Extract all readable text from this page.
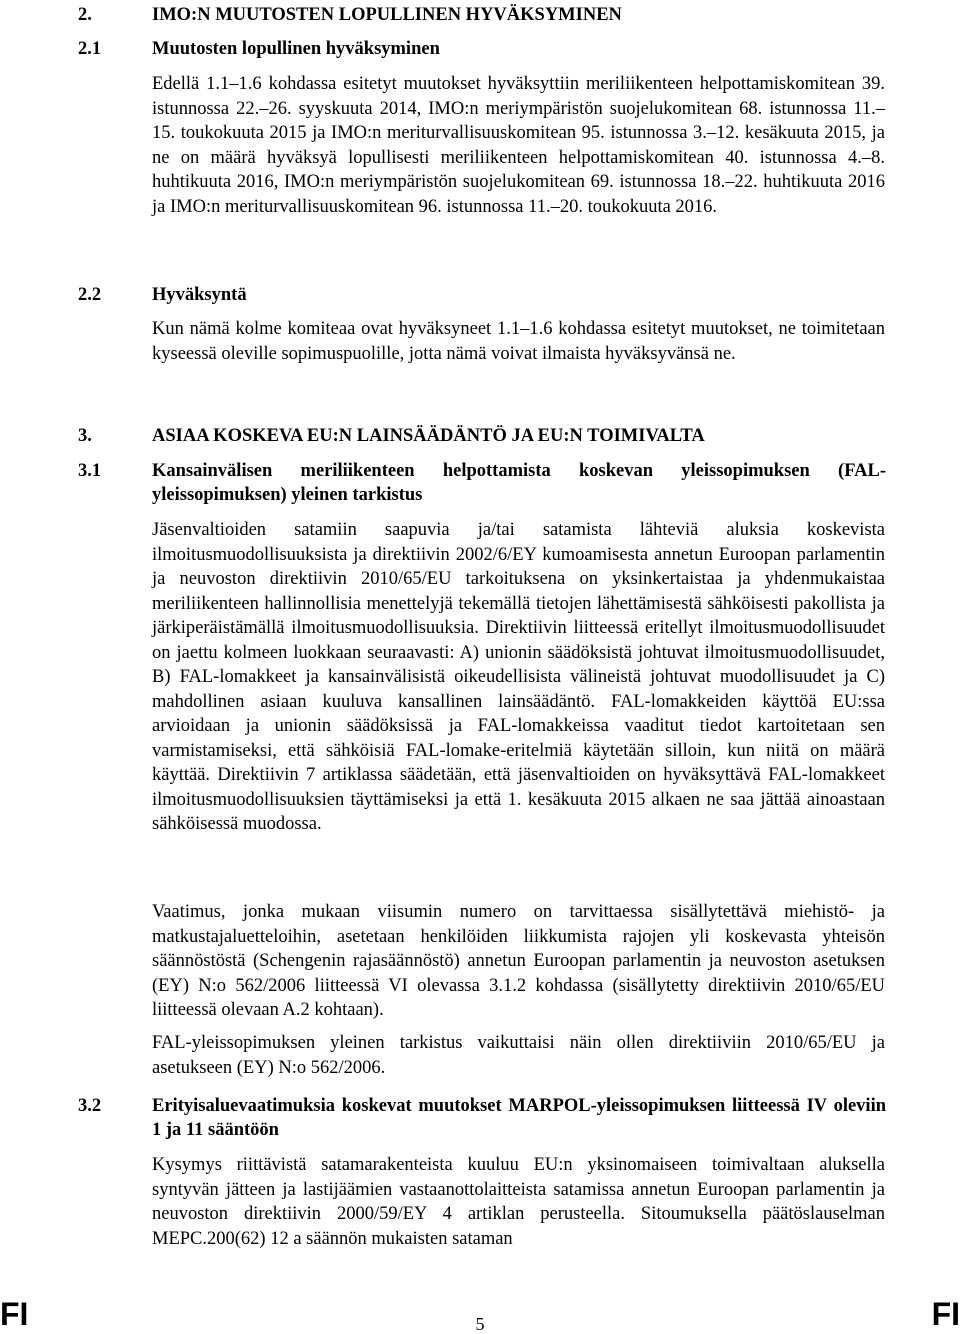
2.	IMO:N MUUTOSTEN LOPULLINEN HYVÄKSYMINEN
2.1	Muutosten lopullinen hyväksyminen
Edellä 1.1–1.6 kohdassa esitetyt muutokset hyväksyttiin meriliikenteen helpottamiskomitean 39. istunnossa 22.–26. syyskuuta 2014, IMO:n meriympäristön suojelukomitean 68. istunnossa 11.–15. toukokuuta 2015 ja IMO:n meriturvallisuuskomitean 95. istunnossa 3.–12. kesäkuuta 2015, ja ne on määrä hyväksyä lopullisesti meriliikenteen helpottamiskomitean 40. istunnossa 4.–8. huhtikuuta 2016, IMO:n meriympäristön suojelukomitean 69. istunnossa 18.–22. huhtikuuta 2016 ja IMO:n meriturvallisuuskomitean 96. istunnossa 11.–20. toukokuuta 2016.
2.2	Hyväksyntä
Kun nämä kolme komiteaa ovat hyväksyneet 1.1–1.6 kohdassa esitetyt muutokset, ne toimitetaan kyseessä oleville sopimuspuolille, jotta nämä voivat ilmaista hyväksyvänsä ne.
3.	ASIAA KOSKEVA EU:N LAINSÄÄDÄNTÖ JA EU:N TOIMIVALTA
3.1	Kansainvälisen meriliikenteen helpottamista koskevan yleissopimuksen (FAL-yleissopimuksen) yleinen tarkistus
Jäsenvaltioiden satamiin saapuvia ja/tai satamista lähteviä aluksia koskevista ilmoitusmuodollisuuksista ja direktiivin 2002/6/EY kumoamisesta annetun Euroopan parlamentin ja neuvoston direktiivin 2010/65/EU tarkoituksena on yksinkertaistaa ja yhdenmukaistaa meriliikenteen hallinnollisia menettelyjä tekemällä tietojen lähettämisestä sähköisesti pakollista ja järkiperäistämällä ilmoitusmuodollisuuksia. Direktiivin liitteessä eritellyt ilmoitusmuodollisuudet on jaettu kolmeen luokkaan seuraavasti: A) unionin säädöksistä johtuvat ilmoitusmuodollisuudet, B) FAL-lomakkeet ja kansainvälisistä oikeudellisista välineistä johtuvat muodollisuudet ja C) mahdollinen asiaan kuuluva kansallinen lainsäädäntö. FAL-lomakkeiden käyttöä EU:ssa arvioidaan ja unionin säädöksissä ja FAL-lomakkeissa vaaditut tiedot kartoitetaan sen varmistamiseksi, että sähköisiä FAL-lomake-eritelmiä käytetään silloin, kun niitä on määrä käyttää. Direktiivin 7 artiklassa säädetään, että jäsenvaltioiden on hyväksyttävä FAL-lomakkeet ilmoitusmuodollisuuksien täyttämiseksi ja että 1. kesäkuuta 2015 alkaen ne saa jättää ainoastaan sähköisessä muodossa.
Vaatimus, jonka mukaan viisumin numero on tarvittaessa sisällytettävä miehistö- ja matkustajaluetteloihin, asetetaan henkilöiden liikkumista rajojen yli koskevasta yhteisön säännöstöstä (Schengenin rajasäännöstö) annetun Euroopan parlamentin ja neuvoston asetuksen (EY) N:o 562/2006 liitteessä VI olevassa 3.1.2 kohdassa (sisällytetty direktiivin 2010/65/EU liitteessä olevaan A.2 kohtaan).
FAL-yleissopimuksen yleinen tarkistus vaikuttaisi näin ollen direktiiviin 2010/65/EU ja asetukseen (EY) N:o 562/2006.
3.2	Erityisaluevaatimuksia koskevat muutokset MARPOL-yleissopimuksen liitteessä IV oleviin 1 ja 11 sääntöön
Kysymys riittävistä satamarakenteista kuuluu EU:n yksinomaiseen toimivaltaan aluksella syntyvän jätteen ja lastijäämien vastaanottolaitteista satamissa annetun Euroopan parlamentin ja neuvoston direktiivin 2000/59/EY 4 artiklan perusteella. Sitoumuksella päätöslauselman MEPC.200(62) 12 a säännön mukaisten sataman
FI	5	FI
